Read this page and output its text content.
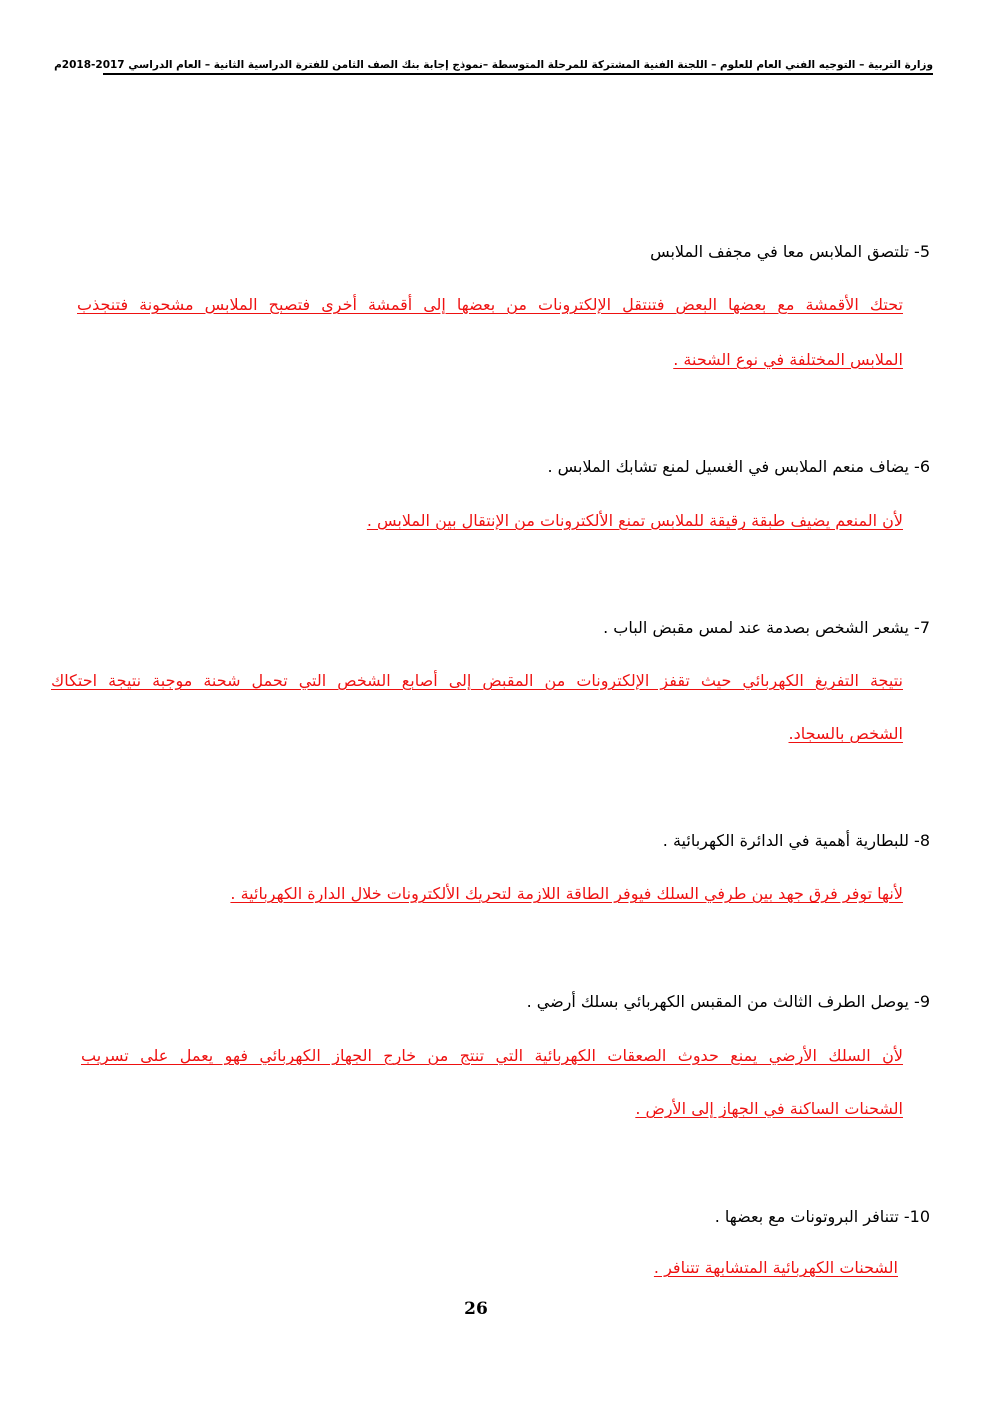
وزارة التربية – التوجيه الفني العام للعلوم – اللجنة الفنية المشتركة للمرحلة المتوسطة –نموذج إجابة بنك الصف الثامن للفترة الدراسية الثانية – العام الدراسي 2017-2018م
5- تلتصق الملابس معا في مجفف الملابس
تحتك الأقمشة مع بعضها البعض فتنتقل الإلكترونات من بعضها إلى أقمشة أخرى فتصبح الملابس مشحونة فتنجذب
الملابس المختلفة في نوع الشحنة .
6- يضاف منعم الملابس في الغسيل لمنع تشابك الملابس .
لأن المنعم يضيف طبقة رقيقة للملابس تمنع الألكترونات من الإنتقال بين الملابس .
7- يشعر الشخص بصدمة عند لمس مقبض الباب .
نتيجة التفريغ الكهربائي حيث تقفز الإلكترونات من المقبض إلى أصابع الشخص التي تحمل شحنة موجبة نتيجة احتكاك
الشخص بالسجاد.
8- للبطارية أهمية في الدائرة الكهربائية .
لأنها توفر فرق جهد بين طرفي السلك فيوفر الطاقة اللازمة لتحريك الألكترونات خلال الدارة الكهربائية .
9- يوصل الطرف الثالث من المقبس الكهربائي بسلك أرضي .
لأن السلك الأرضي يمنع حدوث الصعقات الكهربائية التي تنتج من خارج الجهاز الكهربائي فهو يعمل على تسريب
الشحنات الساكنة في الجهاز إلى الأرض .
10- تتنافر البروتونات مع بعضها .
الشحنات الكهربائية المتشابهة تتنافر .
26
